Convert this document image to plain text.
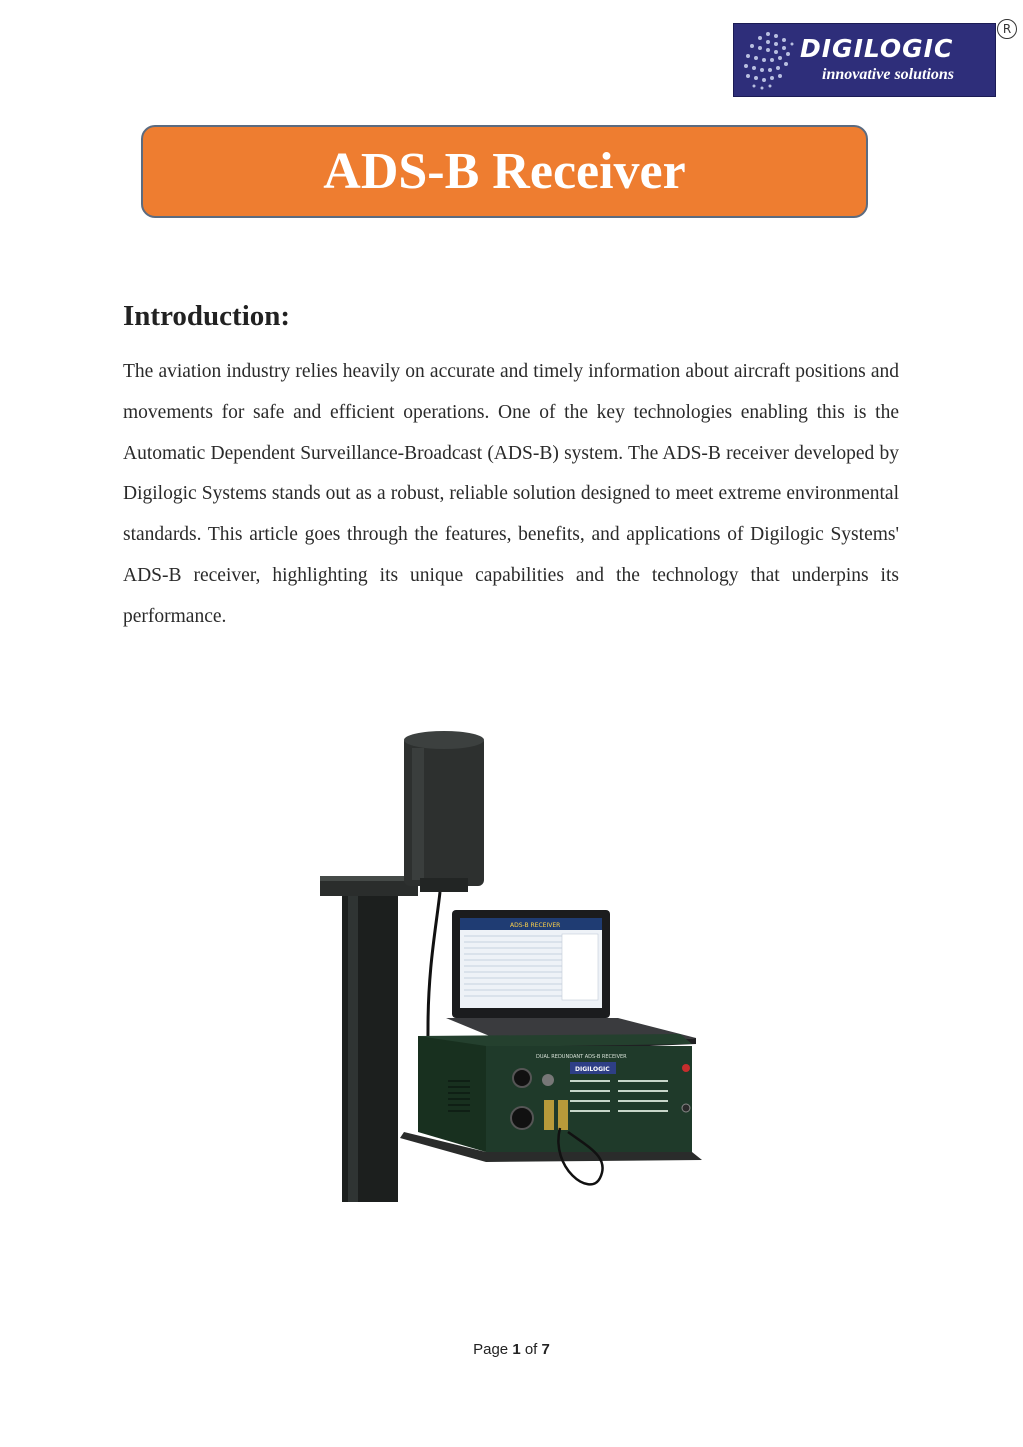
DIGILOGIC
innovative solutions
R
ADS-B Receiver
Introduction:

The aviation industry relies heavily on accurate and timely information about aircraft positions and movements for safe and efficient operations. One of the key technologies enabling this is the Automatic Dependent Surveillance-Broadcast (ADS-B) system. The ADS-B receiver developed by Digilogic Systems stands out as a robust, reliable solution designed to meet extreme environmental standards. This article goes through the features, benefits, and applications of Digilogic Systems' ADS-B receiver, highlighting its unique capabilities and the technology that underpins its performance.

ADS-B RECEIVER
DUAL REDUNDANT ADS-B RECEIVER
DIGILOGIC
Page 1 of 7
